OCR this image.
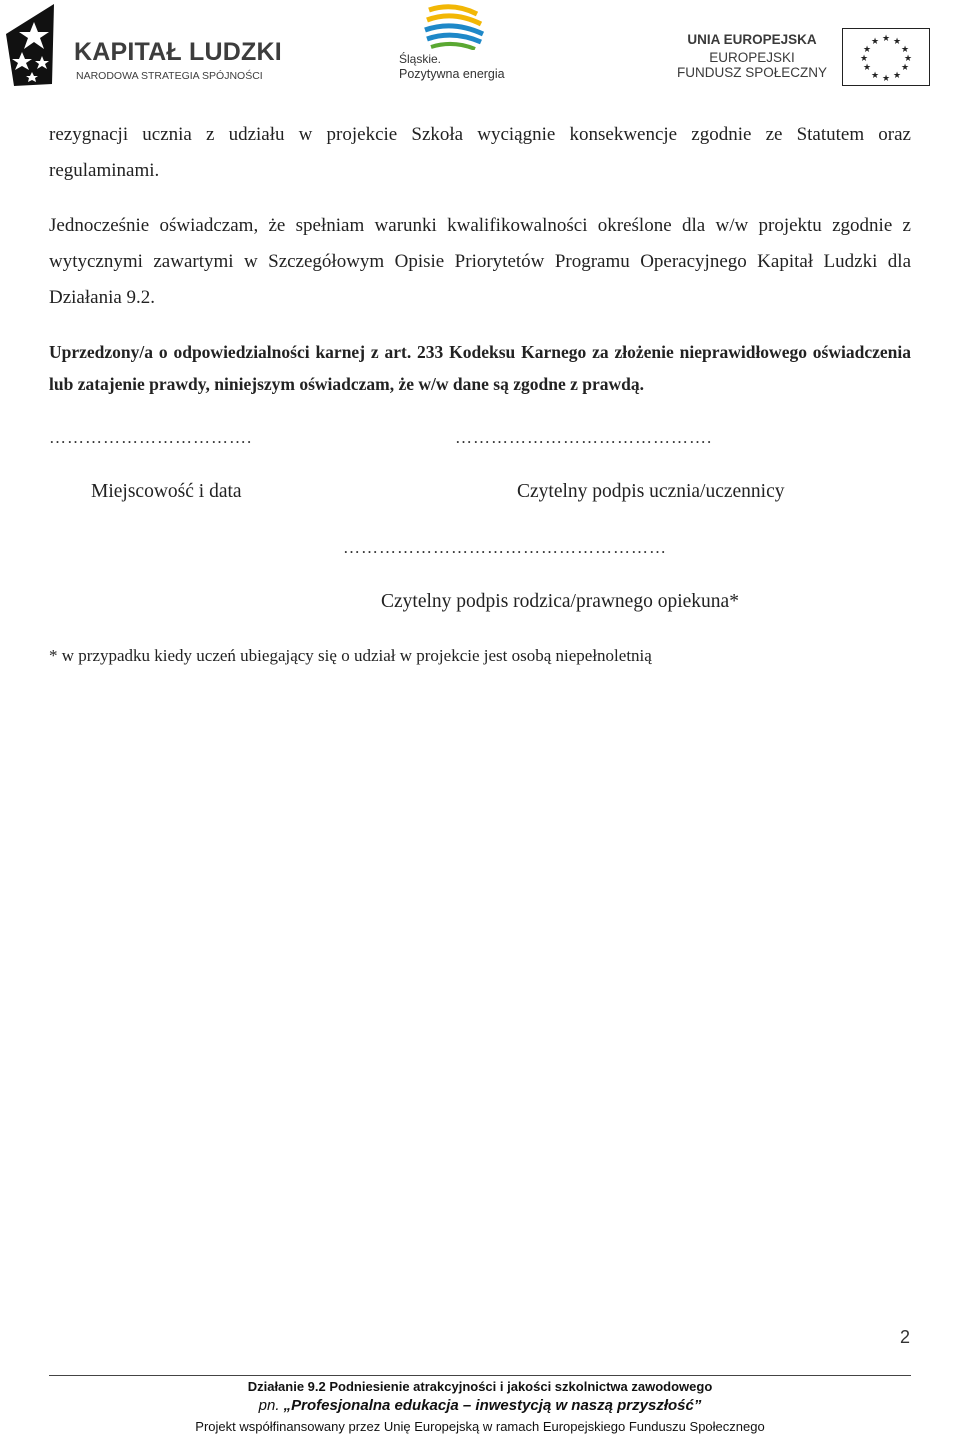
KAPITAŁ LUDZKI
NARODOWA STRATEGIA SPÓJNOŚCI
Śląskie.
Pozytywna energia
UNIA EUROPEJSKA
EUROPEJSKI
FUNDUSZ SPOŁECZNY
★ ★
★
★
★
★
★
★
★
★
★
★

rezygnacji ucznia z udziału w projekcie Szkoła wyciągnie konsekwencje zgodnie ze Statutem oraz regulaminami.

Jednocześnie oświadczam, że spełniam warunki kwalifikowalności określone dla w/w projektu zgodnie z wytycznymi zawartymi w Szczegółowym Opisie Priorytetów Programu Operacyjnego Kapitał Ludzki dla Działania 9.2.

Uprzedzony/a o odpowiedzialności karnej z art. 233 Kodeksu Karnego za złożenie nieprawidłowego oświadczenia lub zatajenie prawdy, niniejszym oświadczam, że w/w dane są zgodne z prawdą.

…………………………….	…………………………………….
Miejscowość i data	Czytelny podpis ucznia/uczennicy
………………………………………………
Czytelny podpis rodzica/prawnego opiekuna*
* w przypadku kiedy uczeń ubiegający się o udział w projekcie jest osobą niepełnoletnią
2
Działanie 9.2 Podniesienie atrakcyjności i jakości szkolnictwa zawodowego
pn. „Profesjonalna edukacja – inwestycją w naszą przyszłość”
Projekt współfinansowany przez Unię Europejską w ramach Europejskiego Funduszu Społecznego
